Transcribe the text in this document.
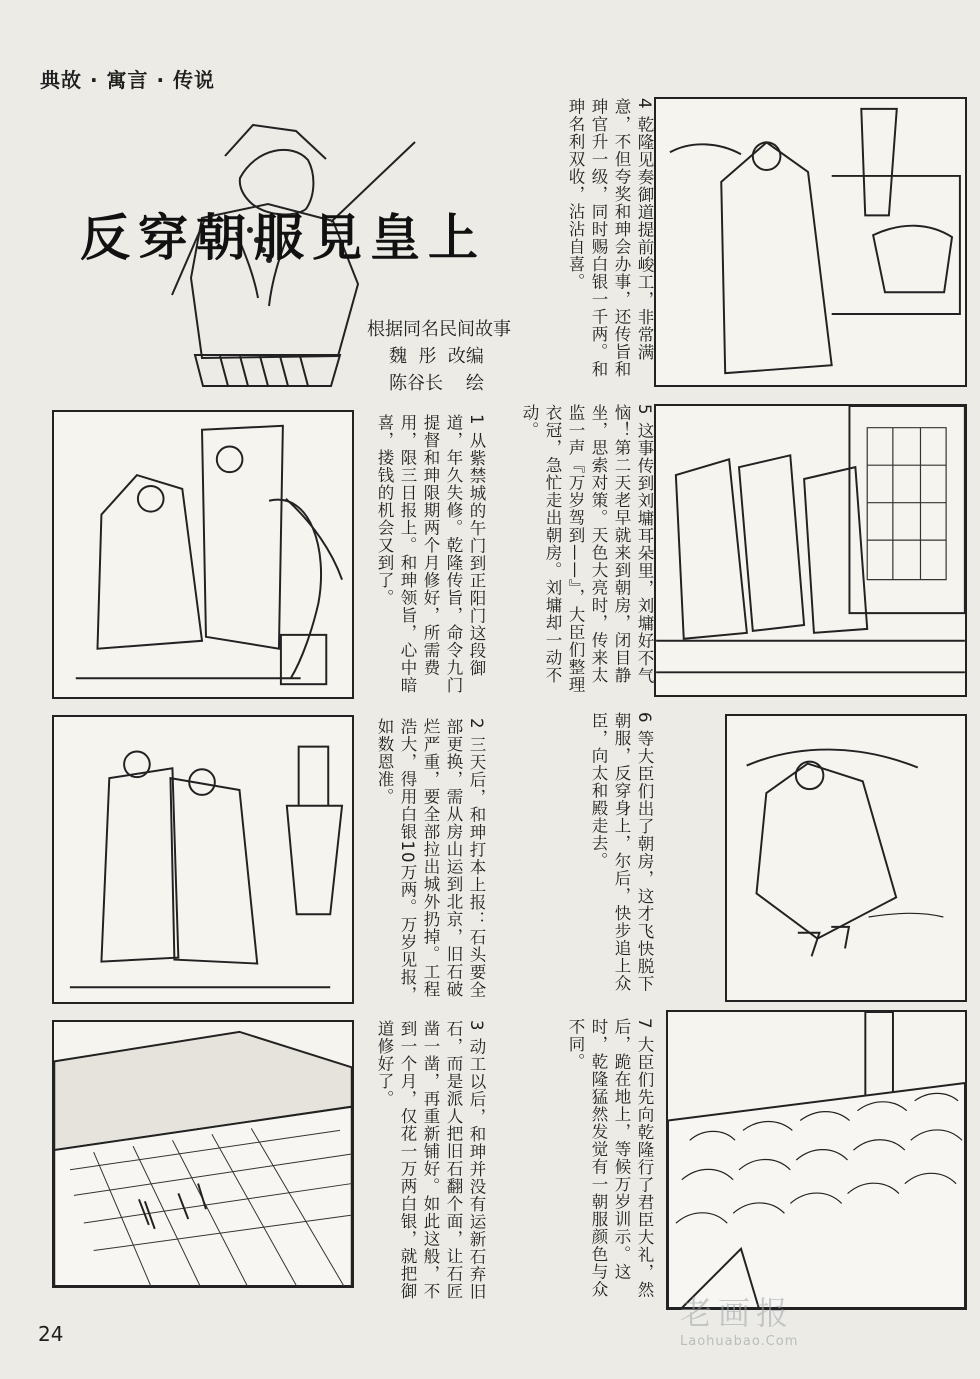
典故 · 寓言 · 传说
反穿朝服見皇上
根据同名民间故事
魏  彤  改编
陈谷长    绘
1 从紫禁城的午门到正阳门这段御道，年久失修。乾隆传旨，命令九门提督和珅限期两个月修好，所需费用，限三日报上。和珅领旨，心中暗喜，搂钱的机会又到了。
2 三天后，和珅打本上报：石头要全部更换，需从房山运到北京，旧石破烂严重，要全部拉出城外扔掉。工程浩大，得用白银10万两。万岁见报，如数恩准。
3 动工以后，和珅并没有运新石弃旧石，而是派人把旧石翻个面，让石匠凿一凿，再重新铺好。如此这般，不到一个月，仅花一万两白银，就把御道修好了。
4 乾隆见奏御道提前峻工，非常满意，不但夸奖和珅会办事，还传旨和珅官升一级，同时赐白银一千两。和珅名利双收，沾沾自喜。
5 这事传到刘墉耳朵里，刘墉好不气恼！第二天老早就来到朝房，闭目静坐，思索对策。天色大亮时，传来太监一声『万岁驾到——』，大臣们整理衣冠，急忙走出朝房。刘墉却一动不动。
6 等大臣们出了朝房，这才飞快脱下朝服，反穿身上，尔后，快步追上众臣，向太和殿走去。
7 大臣们先向乾隆行了君臣大礼，然后，跪在地上，等候万岁训示。这时，乾隆猛然发觉有一朝服颜色与众不同。
24
老画报
Laohuabao.Com
